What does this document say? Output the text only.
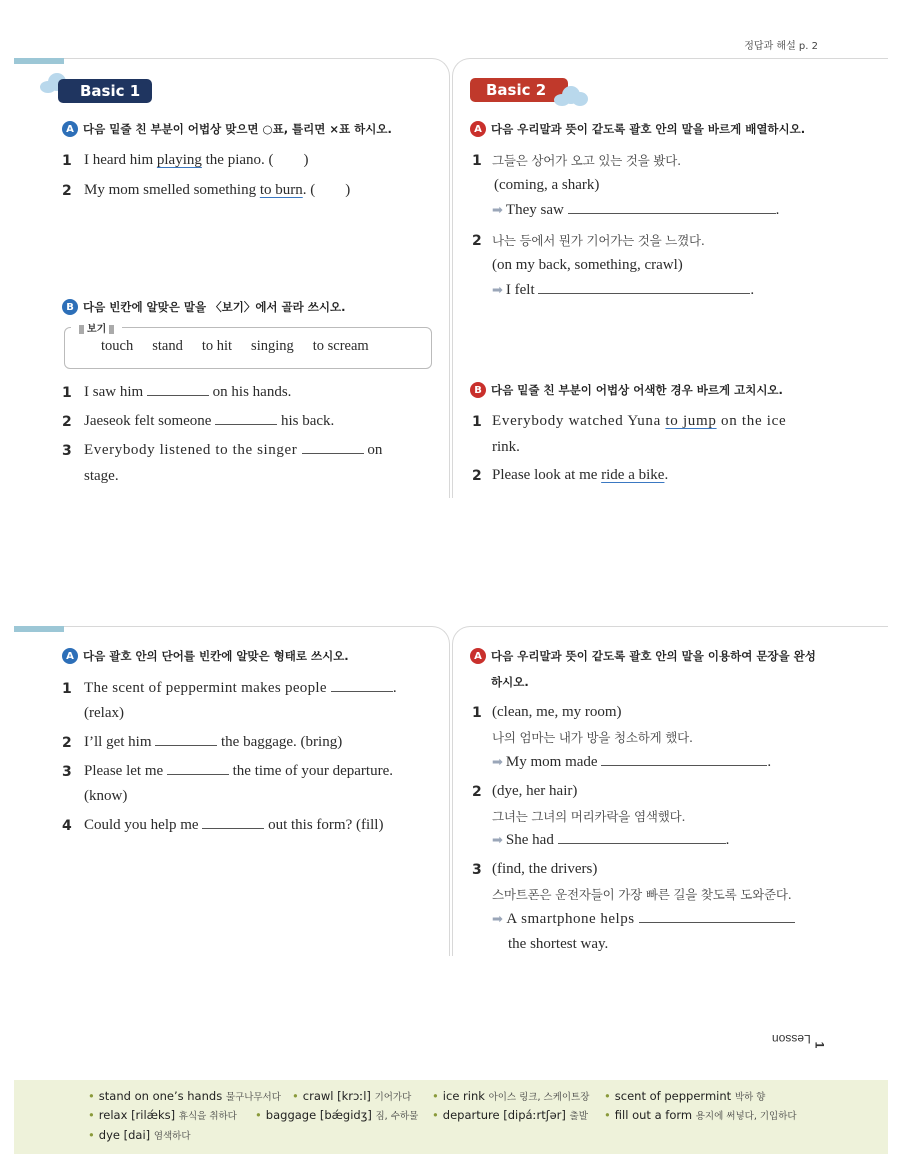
정답과 해설 p. 2
Basic 1
A 다음 밑줄 친 부분이 어법상 맞으면 ○표, 틀리면 ×표 하시오.
1 I heard him playing the piano. (        )
2 My mom smelled something to burn. (        )
B 다음 빈칸에 알맞은 말을 〈보기〉에서 골라 쓰시오.
보기
touch stand to hit singing to scream
1 I saw him	on his hands.
2 Jaeseok felt someone	his back.
3 Everybody listened to the singer	on
stage.
Basic 2
A 다음 우리말과 뜻이 같도록 괄호 안의 말을 바르게 배열하시오.
1 그들은 상어가 오고 있는 것을 봤다.
(coming, a shark)
➡ They saw	.
2 나는 등에서 뭔가 기어가는 것을 느꼈다.
(on my back, something, crawl)
➡ I felt	.
B 다음 밑줄 친 부분이 어법상 어색한 경우 바르게 고치시오.
1 Everybody watched Yuna to jump on the ice
rink.
2 Please look at me ride a bike.
A 다음 괄호 안의 단어를 빈칸에 알맞은 형태로 쓰시오.
1 The scent of peppermint makes people	.
(relax)
2 I’ll get him	the baggage. (bring)
3 Please let me	the time of your departure.
(know)
4 Could you help me	out this form? (fill)
A 다음 우리말과 뜻이 같도록 괄호 안의 말을 이용하여 문장을 완성
하시오.
1 (clean, me, my room)
나의 엄마는 내가 방을 청소하게 했다.
➡ My mom made	.
2 (dye, her hair)
그녀는 그녀의 머리카락을 염색했다.
➡ She had	.
3 (find, the drivers)
스마트폰은 운전자들이 가장 빠른 길을 찾도록 도와준다.
➡ A smartphone helps
the shortest way.
Lesson 1
• stand on one’s hands 물구나무서다 • crawl [krɔːl] 기어가다 • ice rink 아이스 링크, 스케이트장 • scent of peppermint 박하 향
• relax [rilǽks] 휴식을 취하다 • baggage [bǽgidʒ] 짐, 수하물 • departure [dipáːrtʃər] 출발 • fill out a form 용지에 써넣다, 기입하다
• dye [dai] 염색하다
